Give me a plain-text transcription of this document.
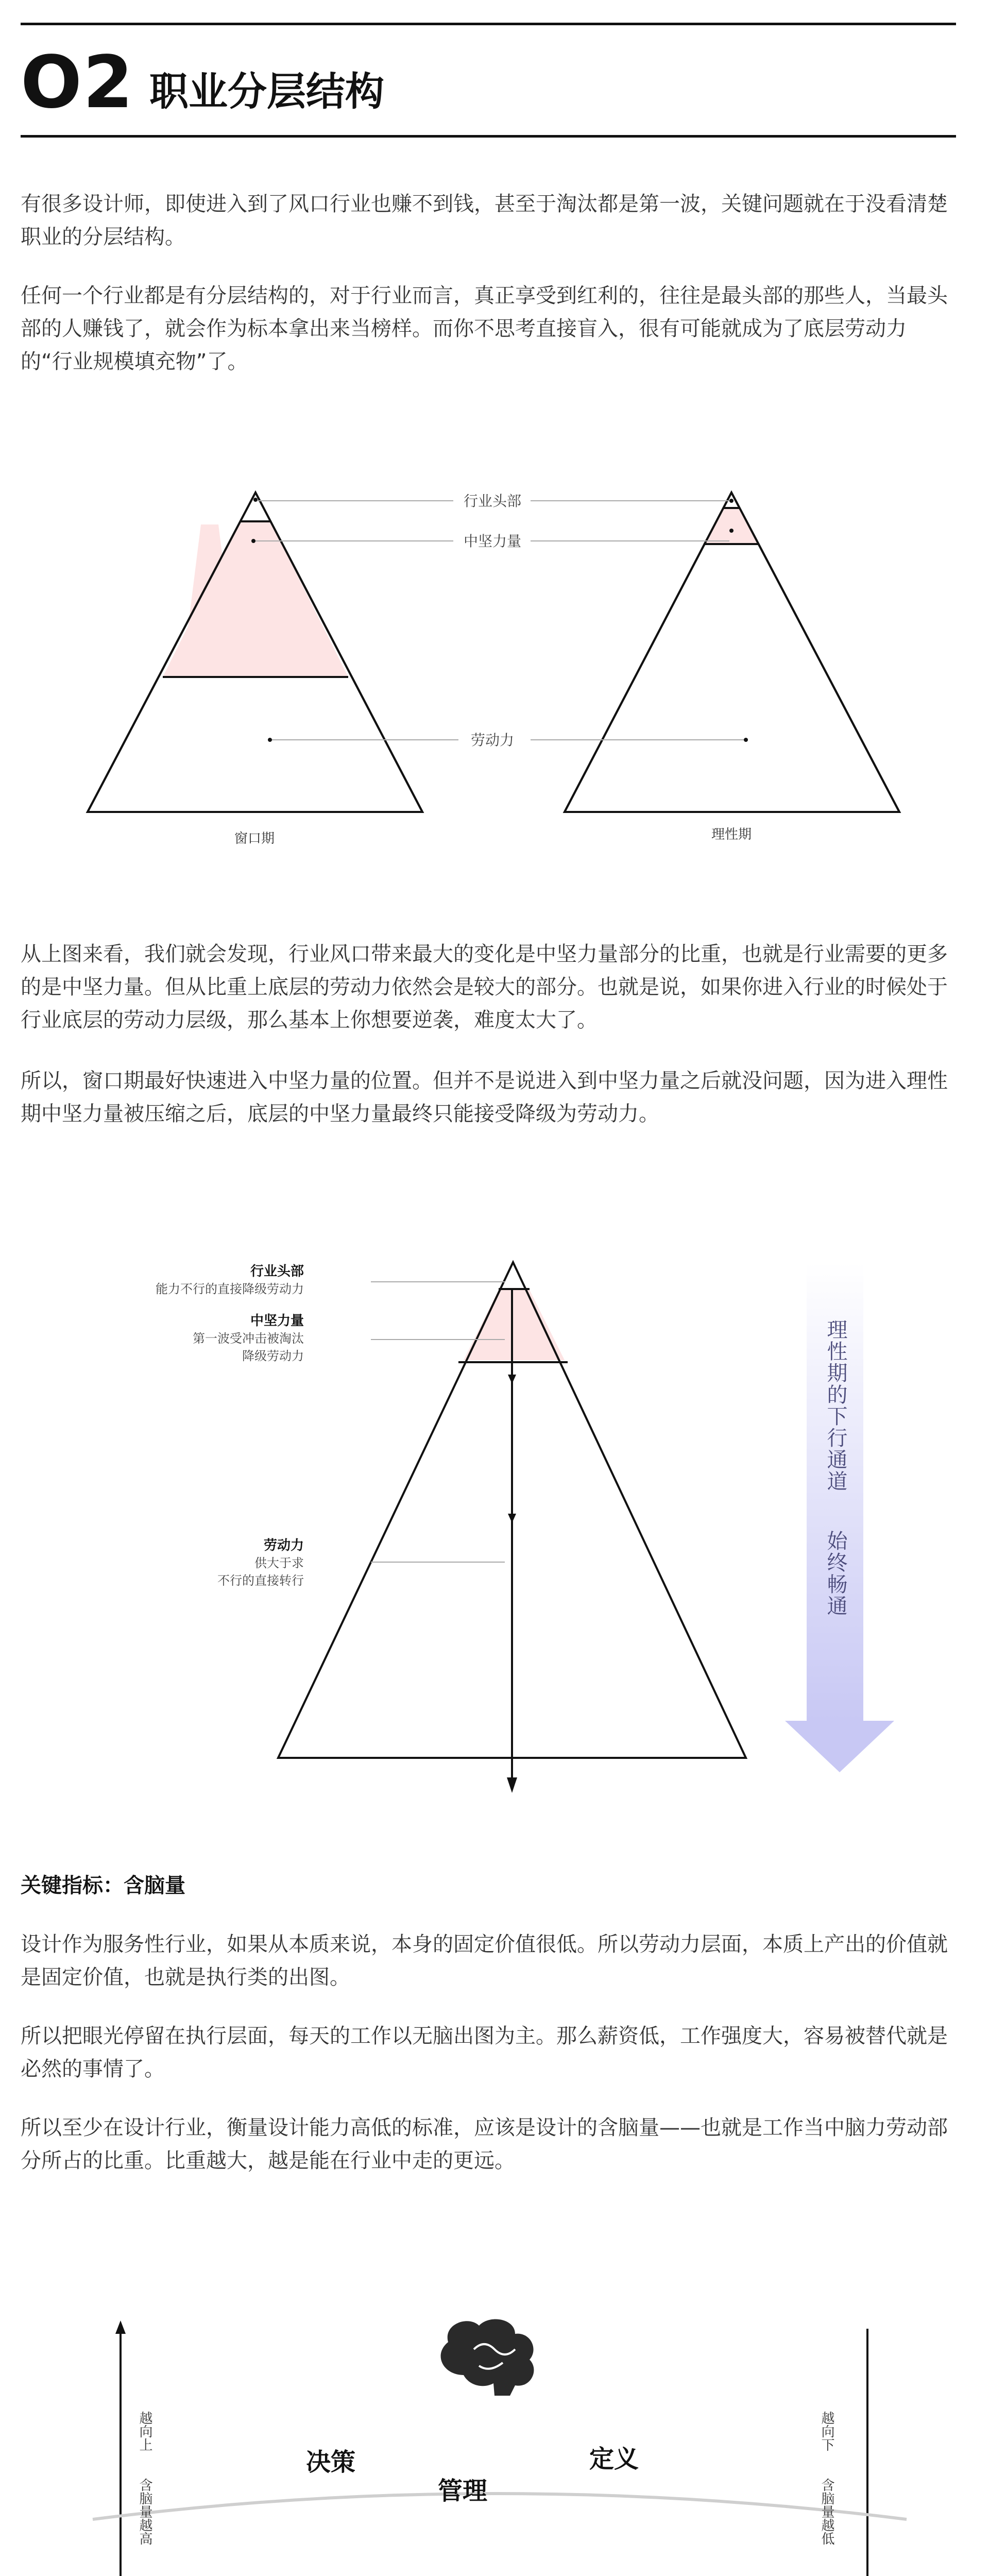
O2 职业分层结构

有很多设计师，即使进入到了风口行业也赚不到钱，甚至于淘汰都是第一波，关键问题就在于没看清楚职业的分层结构。

任何一个行业都是有分层结构的，对于行业而言，真正享受到红利的，往往是最头部的那些人，当最头部的人赚钱了，就会作为标本拿出来当榜样。而你不思考直接盲入，很有可能就成为了底层劳动力的“行业规模填充物”了。

窗口期	理性期
行业头部
中坚力量
劳动力

从上图来看，我们就会发现，行业风口带来最大的变化是中坚力量部分的比重，也就是行业需要的更多的是中坚力量。但从比重上底层的劳动力依然会是较大的部分。也就是说，如果你进入行业的时候处于行业底层的劳动力层级，那么基本上你想要逆袭，难度太大了。

所以，窗口期最好快速进入中坚力量的位置。但并不是说进入到中坚力量之后就没问题，因为进入理性期中坚力量被压缩之后，底层的中坚力量最终只能接受降级为劳动力。

行业头部
能力不行的直接降级劳动力
中坚力量
第一波受冲击被淘汰
降级劳动力
劳动力
供大于求
不行的直接转行
理性期的下行通道
始终畅通
关键指标：含脑量

设计作为服务性行业，如果从本质来说，本身的固定价值很低。所以劳动力层面，本质上产出的价值就是固定价值，也就是执行类的出图。

所以把眼光停留在执行层面，每天的工作以无脑出图为主。那么薪资低，工作强度大，容易被替代就是必然的事情了。

所以至少在设计行业，衡量设计能力高低的标准，应该是设计的含脑量——也就是工作当中脑力劳动部分所占的比重。比重越大，越是能在行业中走的更远。

越向上
含脑量越高
越向下
含脑量越低
决策
管理
定义
